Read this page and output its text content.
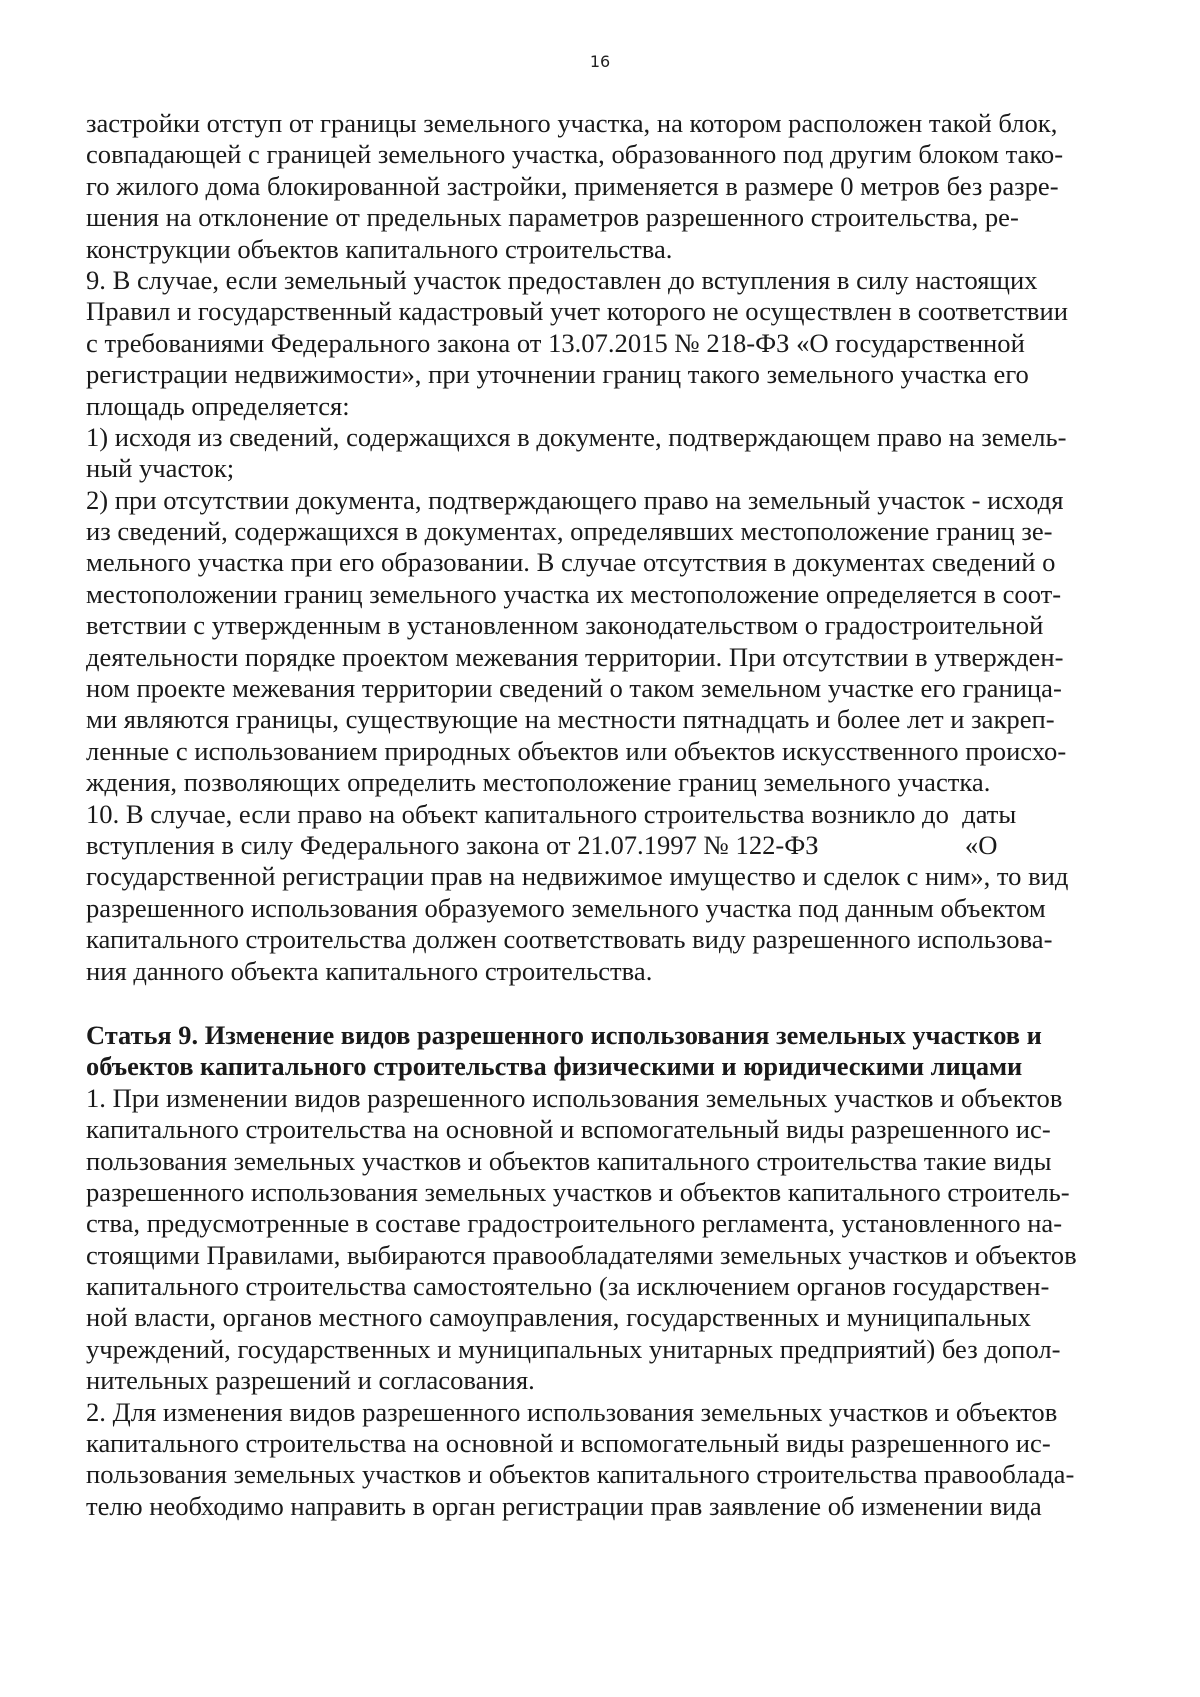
16
застройки отступ от границы земельного участка, на котором расположен такой блок,
совпадающей с границей земельного участка, образованного под другим блоком тако-
го жилого дома блокированной застройки, применяется в размере 0 метров без разре-
шения на отклонение от предельных параметров разрешенного строительства, ре-
конструкции объектов капитального строительства.
9. В случае, если земельный участок предоставлен до вступления в силу настоящих
Правил и государственный кадастровый учет которого не осуществлен в соответствии
с требованиями Федерального закона от 13.07.2015 № 218-ФЗ «О государственной
регистрации недвижимости», при уточнении границ такого земельного участка его
площадь определяется:
1) исходя из сведений, содержащихся в документе, подтверждающем право на земель-
ный участок;
2) при отсутствии документа, подтверждающего право на земельный участок - исходя
из сведений, содержащихся в документах, определявших местоположение границ зе-
мельного участка при его образовании. В случае отсутствия в документах сведений о
местоположении границ земельного участка их местоположение определяется в соот-
ветствии с утвержденным в установленном законодательством о градостроительной
деятельности порядке проектом межевания территории. При отсутствии в утвержден-
ном проекте межевания территории сведений о таком земельном участке его граница-
ми являются границы, существующие на местности пятнадцать и более лет и закреп-
ленные с использованием природных объектов или объектов искусственного происхо-
ждения, позволяющих определить местоположение границ земельного участка.
10. В случае, если право на объект капитального строительства возникло до  даты
вступления в силу Федерального закона от 21.07.1997 № 122-ФЗ                      «О
государственной регистрации прав на недвижимое имущество и сделок с ним», то вид
разрешенного использования образуемого земельного участка под данным объектом
капитального строительства должен соответствовать виду разрешенного использова-
ния данного объекта капитального строительства.
Статья 9. Изменение видов разрешенного использования земельных участков и
объектов капитального строительства физическими и юридическими лицами
1. При изменении видов разрешенного использования земельных участков и объектов
капитального строительства на основной и вспомогательный виды разрешенного ис-
пользования земельных участков и объектов капитального строительства такие виды
разрешенного использования земельных участков и объектов капитального строитель-
ства, предусмотренные в составе градостроительного регламента, установленного на-
стоящими Правилами, выбираются правообладателями земельных участков и объектов
капитального строительства самостоятельно (за исключением органов государствен-
ной власти, органов местного самоуправления, государственных и муниципальных
учреждений, государственных и муниципальных унитарных предприятий) без допол-
нительных разрешений и согласования.
2. Для изменения видов разрешенного использования земельных участков и объектов
капитального строительства на основной и вспомогательный виды разрешенного ис-
пользования земельных участков и объектов капитального строительства правооблада-
телю необходимо направить в орган регистрации прав заявление об изменении вида
